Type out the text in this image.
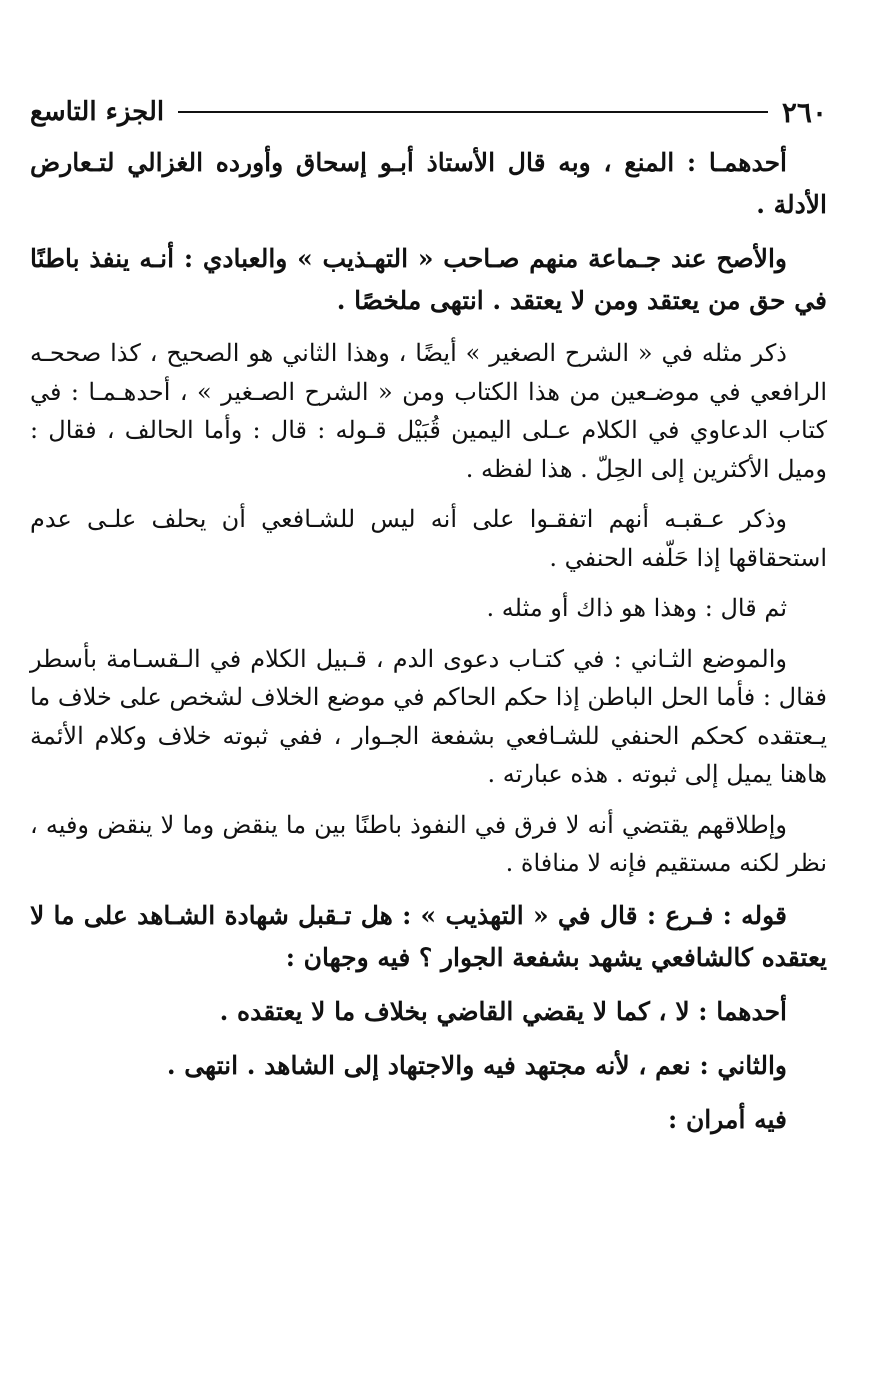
٢٦٠
الجزء التاسع

أحدهمـا : المنع ، وبه قال الأستاذ أبـو إسحاق وأورده الغزالي لتـعارض الأدلة .

والأصح عند جـماعة منهم صـاحب « التهـذيب » والعبادي : أنـه ينفذ باطنًا في حق من يعتقد ومن لا يعتقد . انتهى ملخصًا .

ذكر مثله في « الشرح الصغير » أيضًا ، وهذا الثاني هو الصحيح ، كذا صححـه الرافعي في موضـعين من هذا الكتاب ومن « الشرح الصـغير » ، أحدهـمـا : في كتاب الدعاوي في الكلام عـلى اليمين قُبَيْل قـوله : قال : وأما الحالف ، فقال : وميل الأكثرين إلى الحِلّ . هذا لفظه .

وذكر عـقبـه أنهم اتفقـوا على أنه ليس للشـافعي أن يحلف علـى عدم استحقاقها إذا حَلّفه الحنفي .

ثم قال : وهذا هو ذاك أو مثله .

والموضع الثـاني : في كتـاب دعوى الدم ، قـبيل الكلام في الـقسـامة بأسطر فقال : فأما الحل الباطن إذا حكم الحاكم في موضع الخلاف لشخص على خلاف ما يـعتقده كحكم الحنفي للشـافعي بشفعة الجـوار ، ففي ثبوته خلاف وكلام الأئمة هاهنا يميل إلى ثبوته . هذه عبارته .

وإطلاقهم يقتضي أنه لا فرق في النفوذ باطنًا بين ما ينقض وما لا ينقض وفيه ، نظر لكنه مستقيم فإنه لا منافاة .

قوله : فـرع : قال في « التهذيب » : هل تـقبل شهادة الشـاهد على ما لا يعتقده كالشافعي يشهد بشفعة الجوار ؟ فيه وجهان :

أحدهما : لا ، كما لا يقضي القاضي بخلاف ما لا يعتقده .

والثاني : نعم ، لأنه مجتهد فيه والاجتهاد إلى الشاهد . انتهى .

فيه أمران :
